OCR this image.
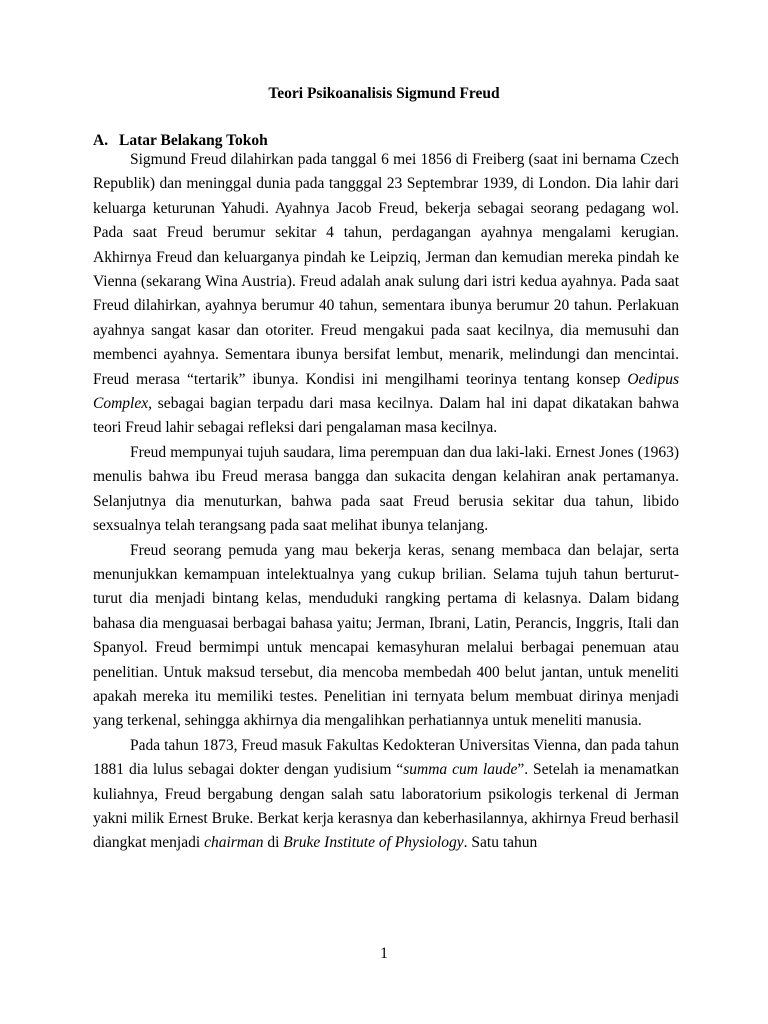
Teori Psikoanalisis Sigmund Freud
A. Latar Belakang Tokoh

Sigmund Freud dilahirkan pada tanggal 6 mei 1856 di Freiberg (saat ini bernama Czech Republik) dan meninggal dunia pada tangggal 23 Septembrar 1939, di London. Dia lahir dari keluarga keturunan Yahudi. Ayahnya Jacob Freud, bekerja sebagai seorang pedagang wol. Pada saat Freud berumur sekitar 4 tahun, perdagangan ayahnya mengalami kerugian. Akhirnya Freud dan keluarganya pindah ke Leipziq, Jerman dan kemudian mereka pindah ke Vienna (sekarang Wina Austria). Freud adalah anak sulung dari istri kedua ayahnya. Pada saat Freud dilahirkan, ayahnya berumur 40 tahun, sementara ibunya berumur 20 tahun. Perlakuan ayahnya sangat kasar dan otoriter. Freud mengakui pada saat kecilnya, dia memusuhi dan membenci ayahnya. Sementara ibunya bersifat lembut, menarik, melindungi dan mencintai. Freud merasa “tertarik” ibunya. Kondisi ini mengilhami teorinya tentang konsep Oedipus Complex, sebagai bagian terpadu dari masa kecilnya. Dalam hal ini dapat dikatakan bahwa teori Freud lahir sebagai refleksi dari pengalaman masa kecilnya.

Freud mempunyai tujuh saudara, lima perempuan dan dua laki-laki. Ernest Jones (1963) menulis bahwa ibu Freud merasa bangga dan sukacita dengan kelahiran anak pertamanya. Selanjutnya dia menuturkan, bahwa pada saat Freud berusia sekitar dua tahun, libido sexsualnya telah terangsang pada saat melihat ibunya telanjang.

Freud seorang pemuda yang mau bekerja keras, senang membaca dan belajar, serta menunjukkan kemampuan intelektualnya yang cukup brilian. Selama tujuh tahun berturut-turut dia menjadi bintang kelas, menduduki rangking pertama di kelasnya. Dalam bidang bahasa dia menguasai berbagai bahasa yaitu; Jerman, Ibrani, Latin, Perancis, Inggris, Itali dan Spanyol. Freud bermimpi untuk mencapai kemasyhuran melalui berbagai penemuan atau penelitian. Untuk maksud tersebut, dia mencoba membedah 400 belut jantan, untuk meneliti apakah mereka itu memiliki testes. Penelitian ini ternyata belum membuat dirinya menjadi yang terkenal, sehingga akhirnya dia mengalihkan perhatiannya untuk meneliti manusia.

Pada tahun 1873, Freud masuk Fakultas Kedokteran Universitas Vienna, dan pada tahun 1881 dia lulus sebagai dokter dengan yudisium “summa cum laude”. Setelah ia menamatkan kuliahnya, Freud bergabung dengan salah satu laboratorium psikologis terkenal di Jerman yakni milik Ernest Bruke. Berkat kerja kerasnya dan keberhasilannya, akhirnya Freud berhasil diangkat menjadi chairman di Bruke Institute of Physiology. Satu tahun

1
